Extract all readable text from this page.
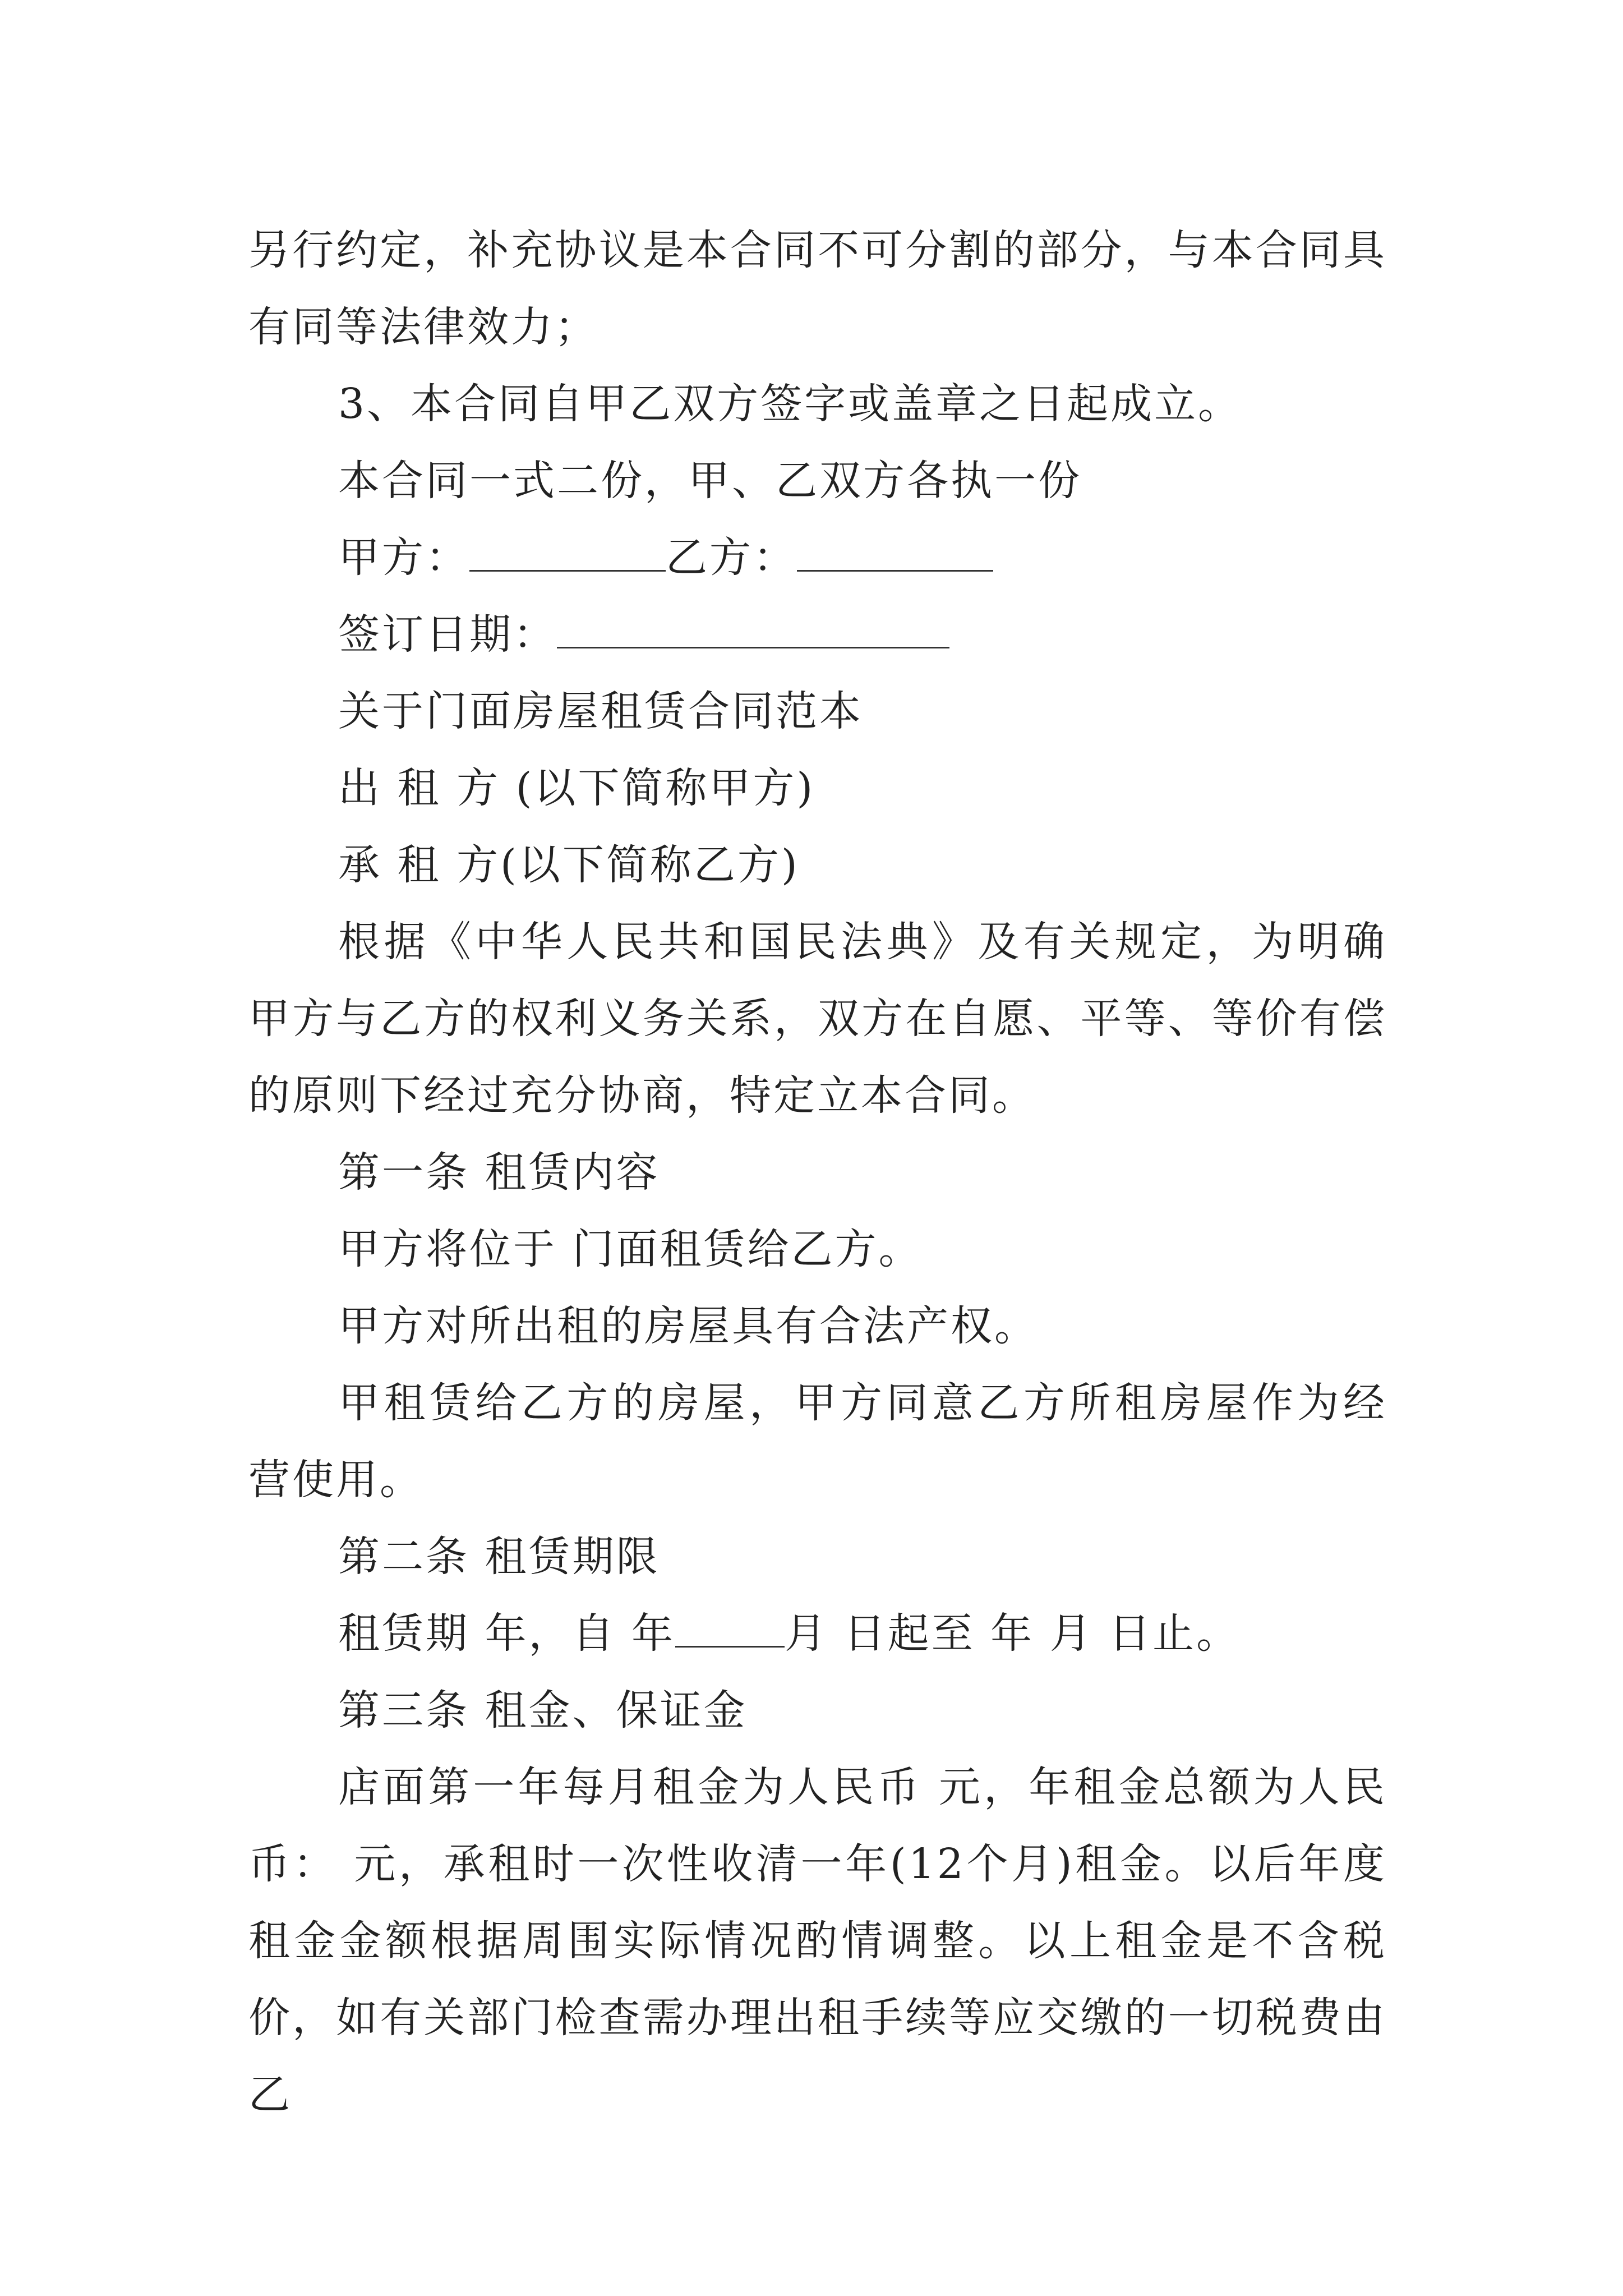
另行约定，补充协议是本合同不可分割的部分，与本合同具有同等法律效力；

3、本合同自甲乙双方签字或盖章之日起成立。

本合同一式二份，甲、乙双方各执一份

甲方：	乙方：

签订日期：

关于门面房屋租赁合同范本

出 租 方 (以下简称甲方)

承 租 方(以下简称乙方)

根据《中华人民共和国民法典》及有关规定，为明确甲方与乙方的权利义务关系，双方在自愿、平等、等价有偿的原则下经过充分协商，特定立本合同。

第一条 租赁内容

甲方将位于 门面租赁给乙方。

甲方对所出租的房屋具有合法产权。

甲租赁给乙方的房屋，甲方同意乙方所租房屋作为经营使用。

第二条 租赁期限

租赁期 年，自 年	月 日起至 年 月 日止。

第三条 租金、保证金

店面第一年每月租金为人民币 元，年租金总额为人民币： 元，承租时一次性收清一年(12个月)租金。以后年度租金金额根据周围实际情况酌情调整。以上租金是不含税价，如有关部门检查需办理出租手续等应交缴的一切税费由乙
